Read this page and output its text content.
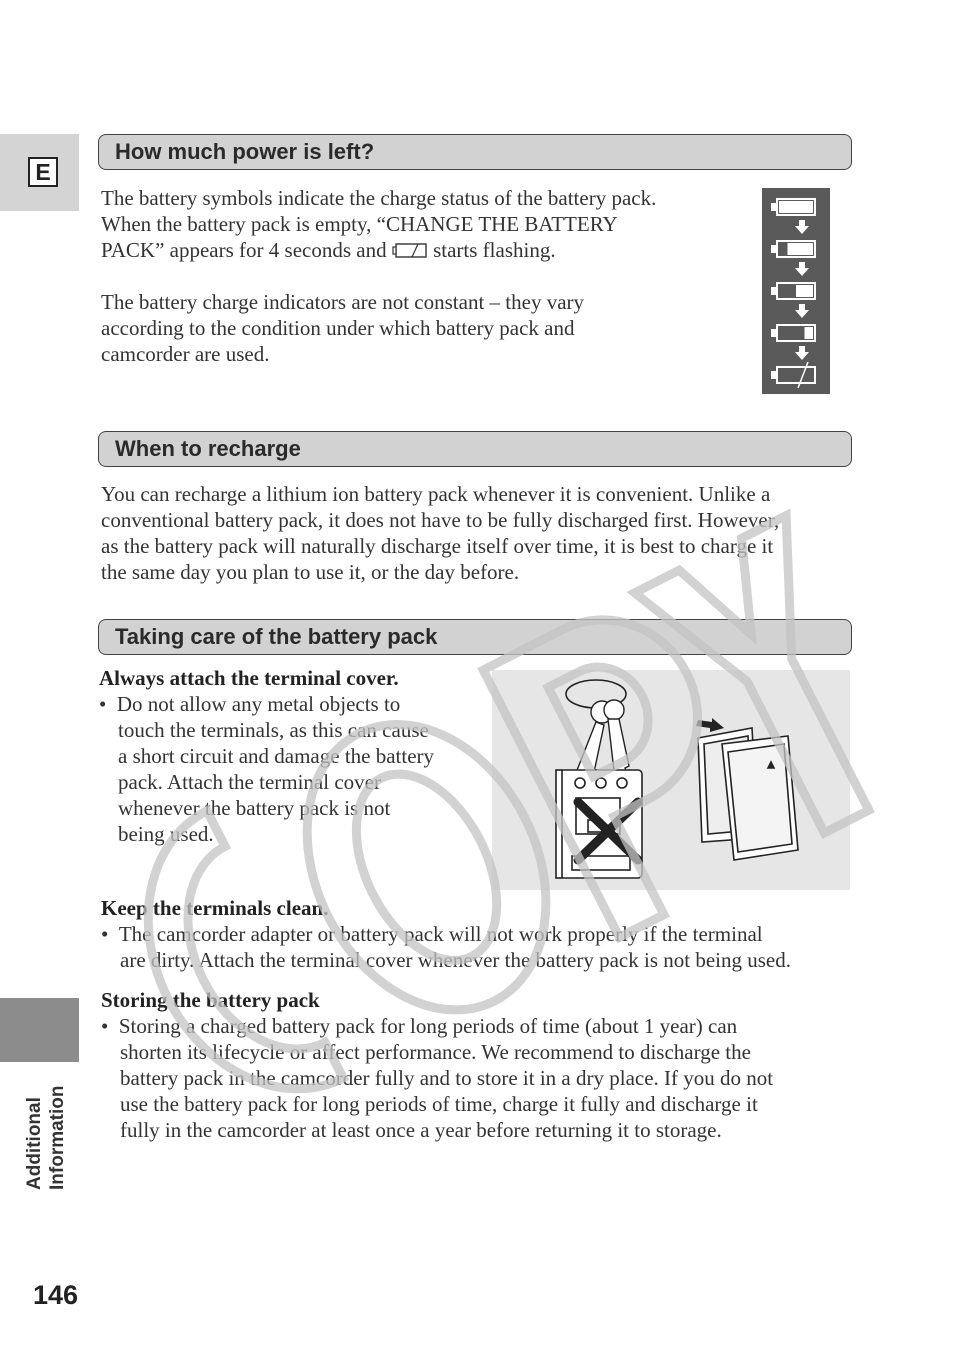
E
Additional Information
146
How much power is left?
The battery symbols indicate the charge status of the battery pack.
When the battery pack is empty, “CHANGE THE BATTERY
PACK” appears for 4 seconds and starts flashing.
The battery charge indicators are not constant – they vary
according to the condition under which battery pack and
camcorder are used.
When to recharge
You can recharge a lithium ion battery pack whenever it is convenient. Unlike a
conventional battery pack, it does not have to be fully discharged first. However,
as the battery pack will naturally discharge itself over time, it is best to charge it
the same day you plan to use it, or the day before.
Taking care of the battery pack
Always attach the terminal cover.
• Do not allow any metal objects to
touch the terminals, as this can cause
a short circuit and damage the battery
pack. Attach the terminal cover
whenever the battery pack is not
being used.
Keep the terminals clean.
• The camcorder adapter or battery pack will not work properly if the terminal
are dirty. Attach the terminal cover whenever the battery pack is not being used.
Storing the battery pack
• Storing a charged battery pack for long periods of time (about 1 year) can
shorten its lifecycle or affect performance. We recommend to discharge the
battery pack in the camcorder fully and to store it in a dry place. If you do not
use the battery pack for long periods of time, charge it fully and discharge it
fully in the camcorder at least once a year before returning it to storage.
